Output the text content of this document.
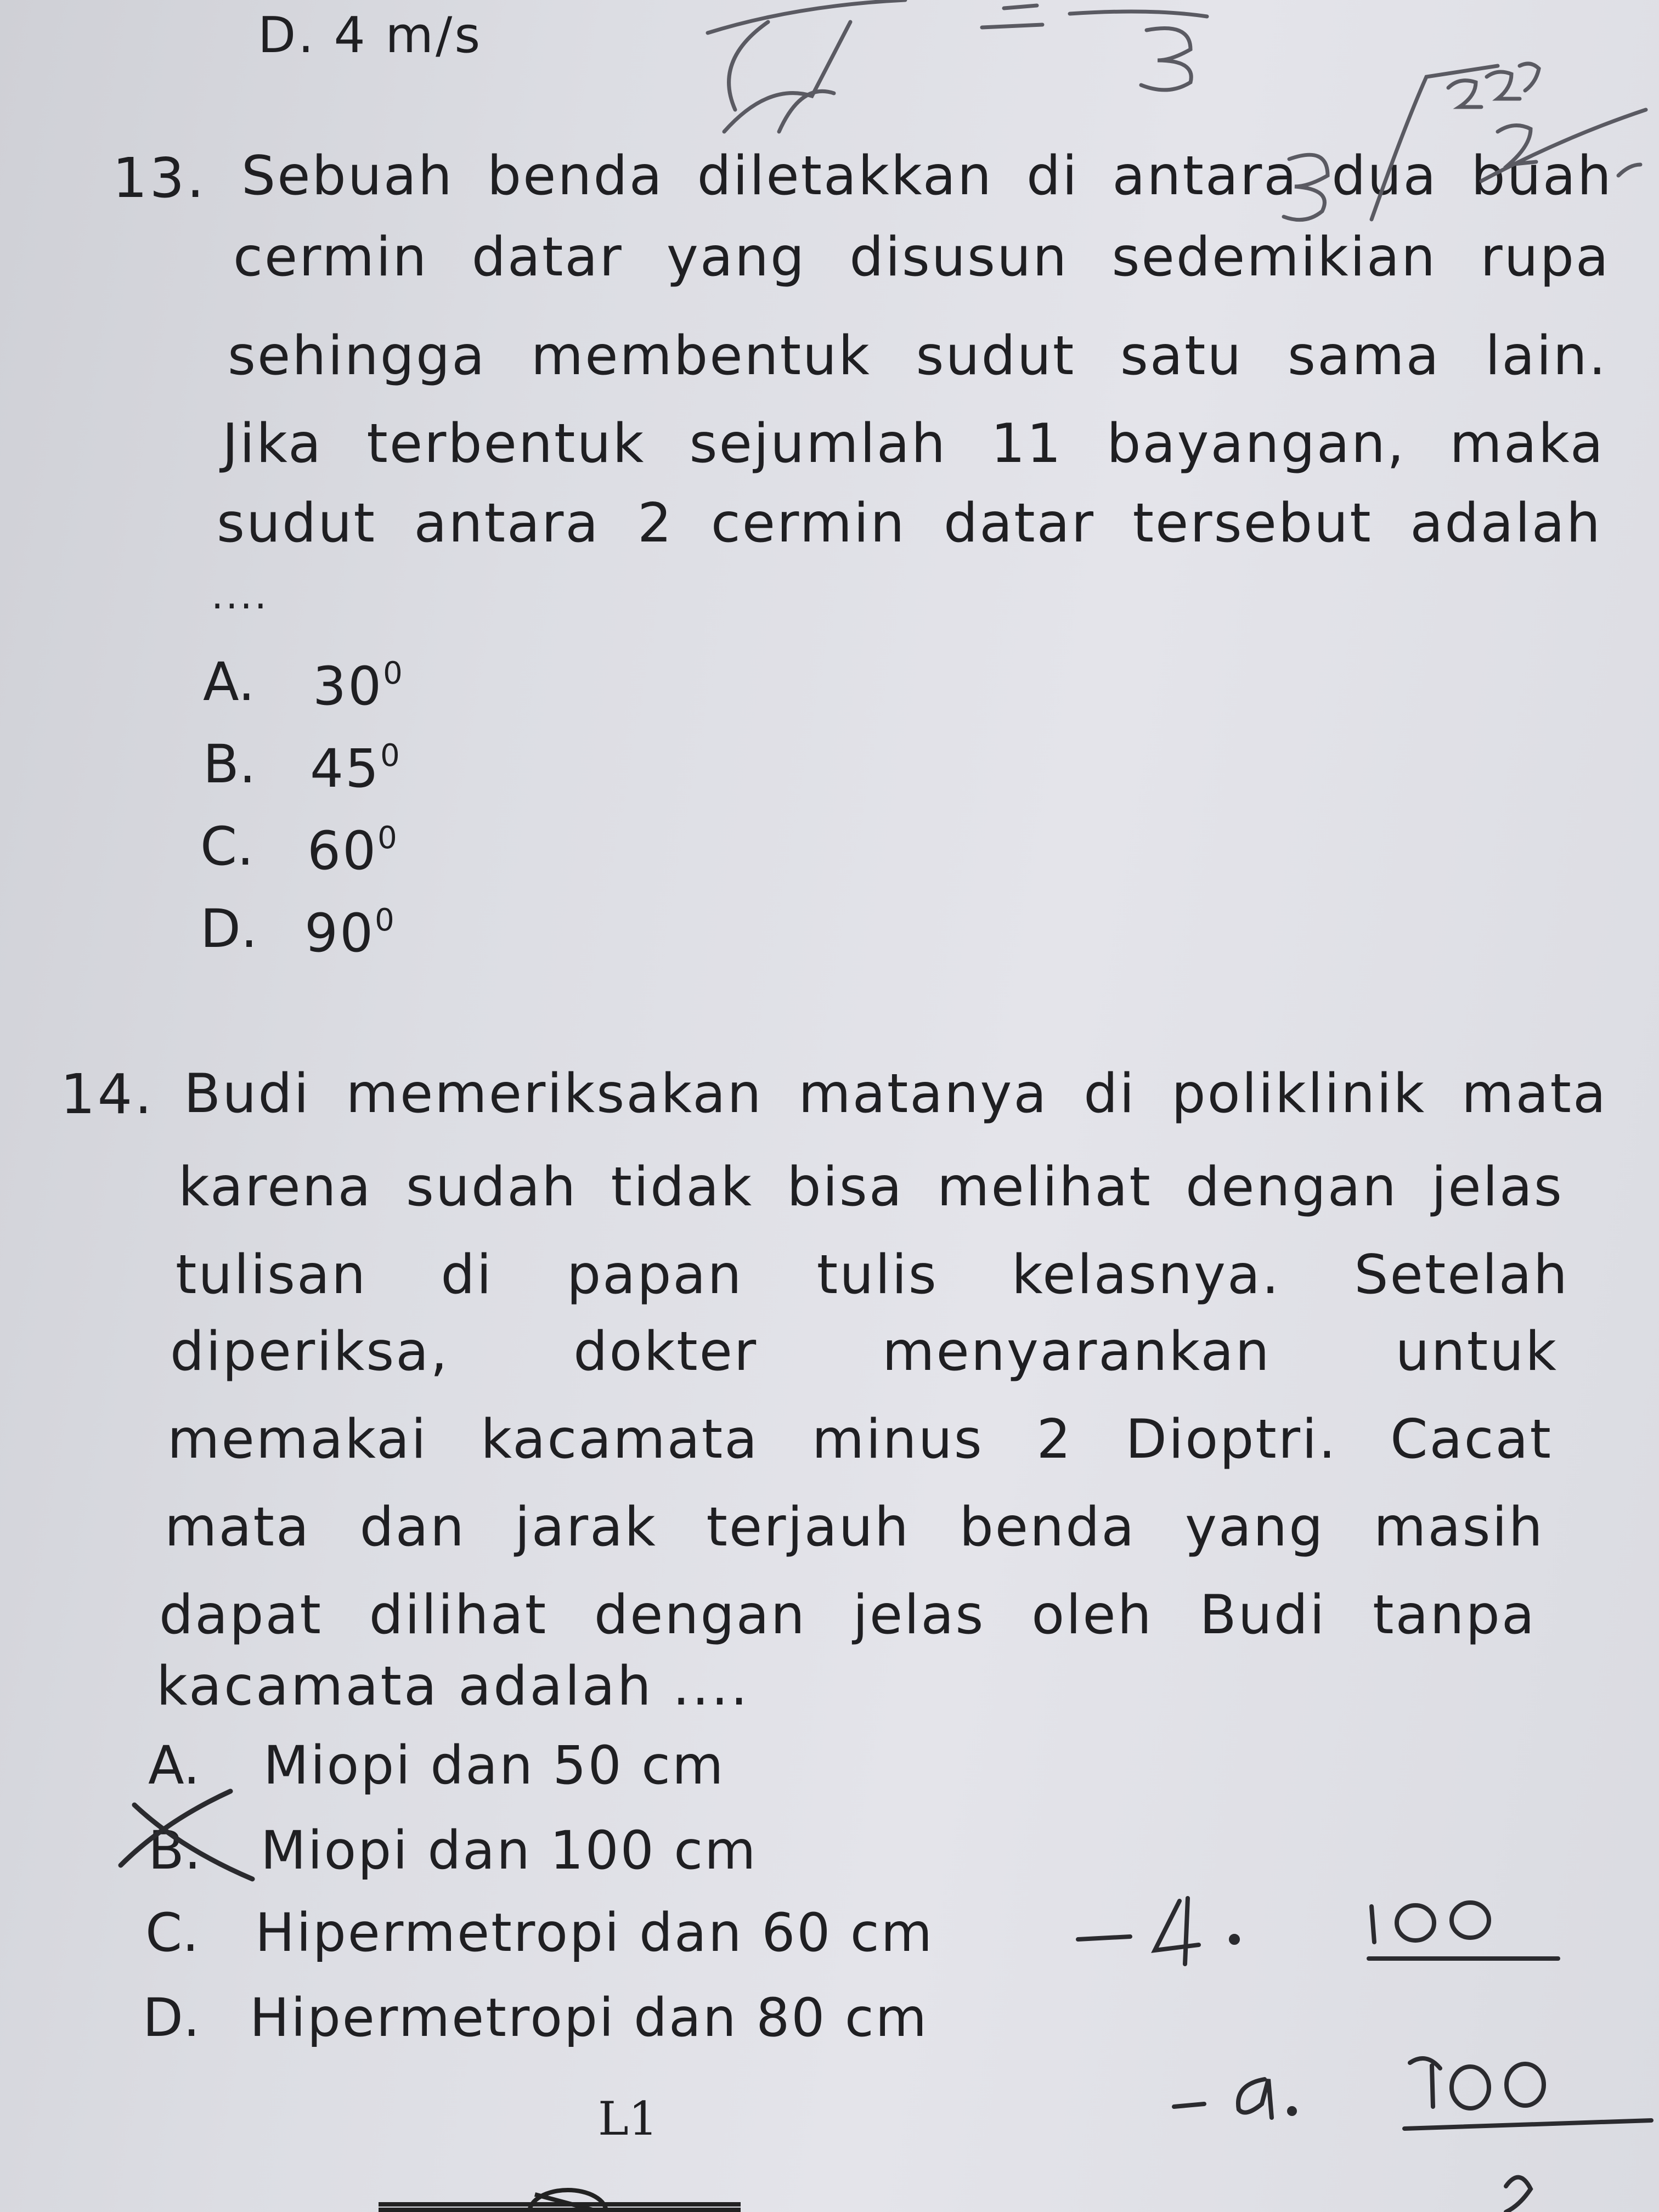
D. 4 m/s
13. Sebuah benda diletakkan di antara dua buah
cermin datar yang disusun sedemikian rupa
sehingga membentuk sudut satu sama lain.
Jika terbentuk sejumlah 11 bayangan, maka
sudut antara 2 cermin datar tersebut adalah
....
A. $30^0$
B. $45^0$
C. $60^0$
D. $90^0$
14. Budi memeriksakan matanya di poliklinik mata
karena sudah tidak bisa melihat dengan jelas
tulisan di papan tulis kelasnya. Setelah
diperiksa, dokter menyarankan untuk
memakai kacamata minus 2 Dioptri. Cacat
mata dan jarak terjauh benda yang masih
dapat dilihat dengan jelas oleh Budi tanpa
kacamata adalah ....
A. Miopi dan 50 cm
B. Miopi dan 100 cm
C. Hipermetropi dan 60 cm
D. Hipermetropi dan 80 cm
L1
